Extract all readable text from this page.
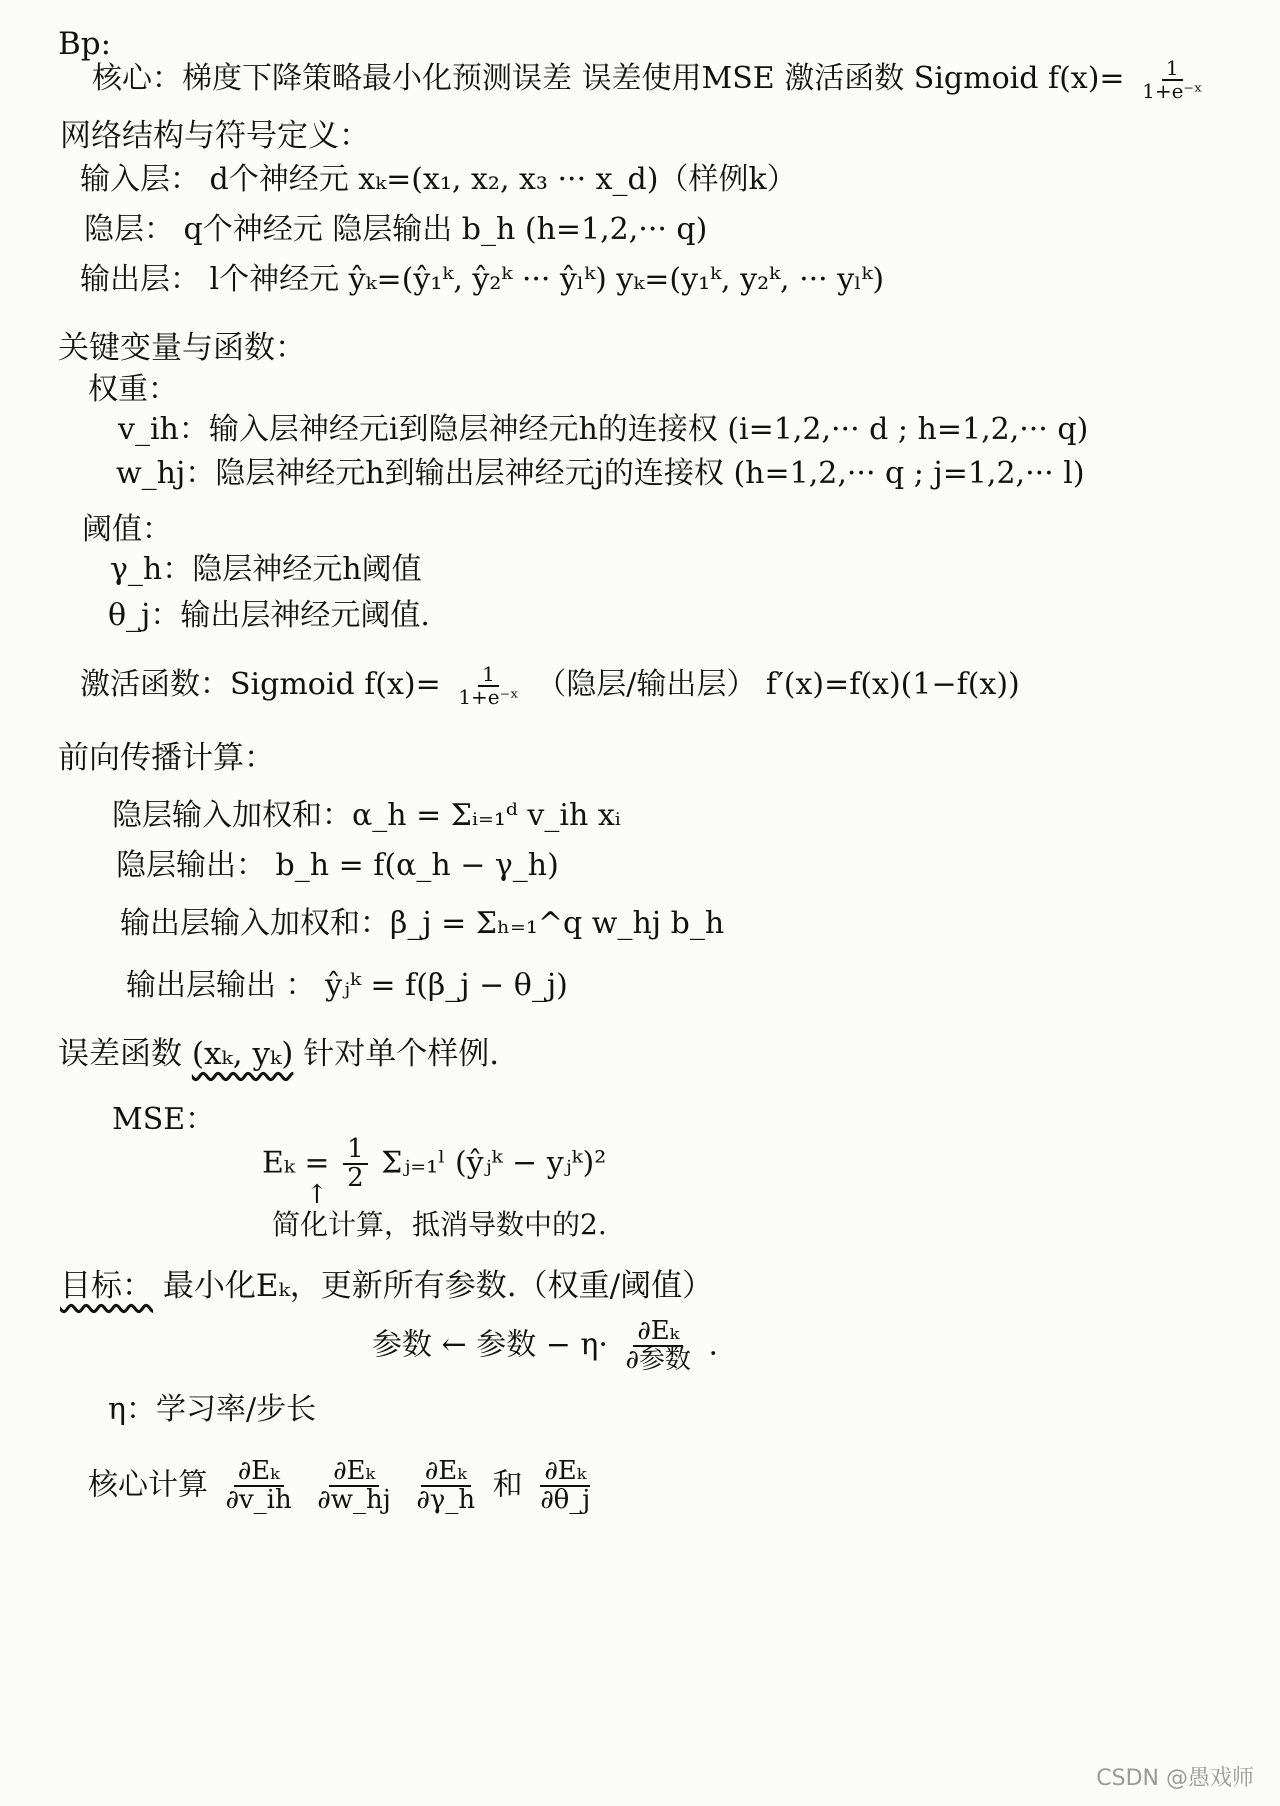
Bp:
核心：梯度下降策略最小化预测误差 误差使用MSE 激活函数 Sigmoid $f(x)= \frac{1}{\text{1+e⁻ˣ}}$
网络结构与符号定义：
输入层： d个神经元 xₖ=(x₁, x₂, x₃ ··· x_d)（样例k）
隐层： q个神经元 隐层输出 b_h (h=1,2,··· q)
输出层： l个神经元 ŷₖ=(ŷ₁ᵏ, ŷ₂ᵏ ··· ŷₗᵏ) yₖ=(y₁ᵏ, y₂ᵏ, ··· yₗᵏ)
关键变量与函数：
权重：
v_ih：输入层神经元i到隐层神经元h的连接权 (i=1,2,··· d ; h=1,2,··· q)
w_hj：隐层神经元h到输出层神经元j的连接权 (h=1,2,··· q ; j=1,2,··· l)
阈值：
γ_h：隐层神经元h阈值
θ_j：输出层神经元阈值.
激活函数：Sigmoid $f(x)= \frac{1}{\text{1+e⁻ˣ}}$ （隐层/输出层） f′(x)=f(x)(1−f(x))
前向传播计算：
隐层输入加权和：α_h = Σᵢ₌₁ᵈ v_ih xᵢ
隐层输出： b_h = f(α_h − γ_h)
输出层输入加权和：β_j = Σₕ₌₁^q w_hj b_h
输出层输出 ： ŷⱼᵏ = f(β_j − θ_j)
误差函数 (xₖ, yₖ) 针对单个样例.
MSE：
$E_k = \frac{1}{2}$ Σⱼ₌₁ˡ (ŷⱼᵏ − yⱼᵏ)²
↑
简化计算，抵消导数中的2.
目标： 最小化Eₖ，更新所有参数.（权重/阈值）
参数 ← 参数 − $\eta\cdot \frac{\text{∂Eₖ}}{\text{∂参数}}$ .
η：学习率/步长
核心计算 $\frac{\text{∂Eₖ}}{\partial v\_ih}$
$\frac{\text{∂Eₖ}}{\partial w\_hj}$
$\frac{\text{∂Eₖ}}{\partial\gamma\_h}$ 和 $\frac{\text{∂Eₖ}}{\partial\theta\_j}$
CSDN @愚戏师
